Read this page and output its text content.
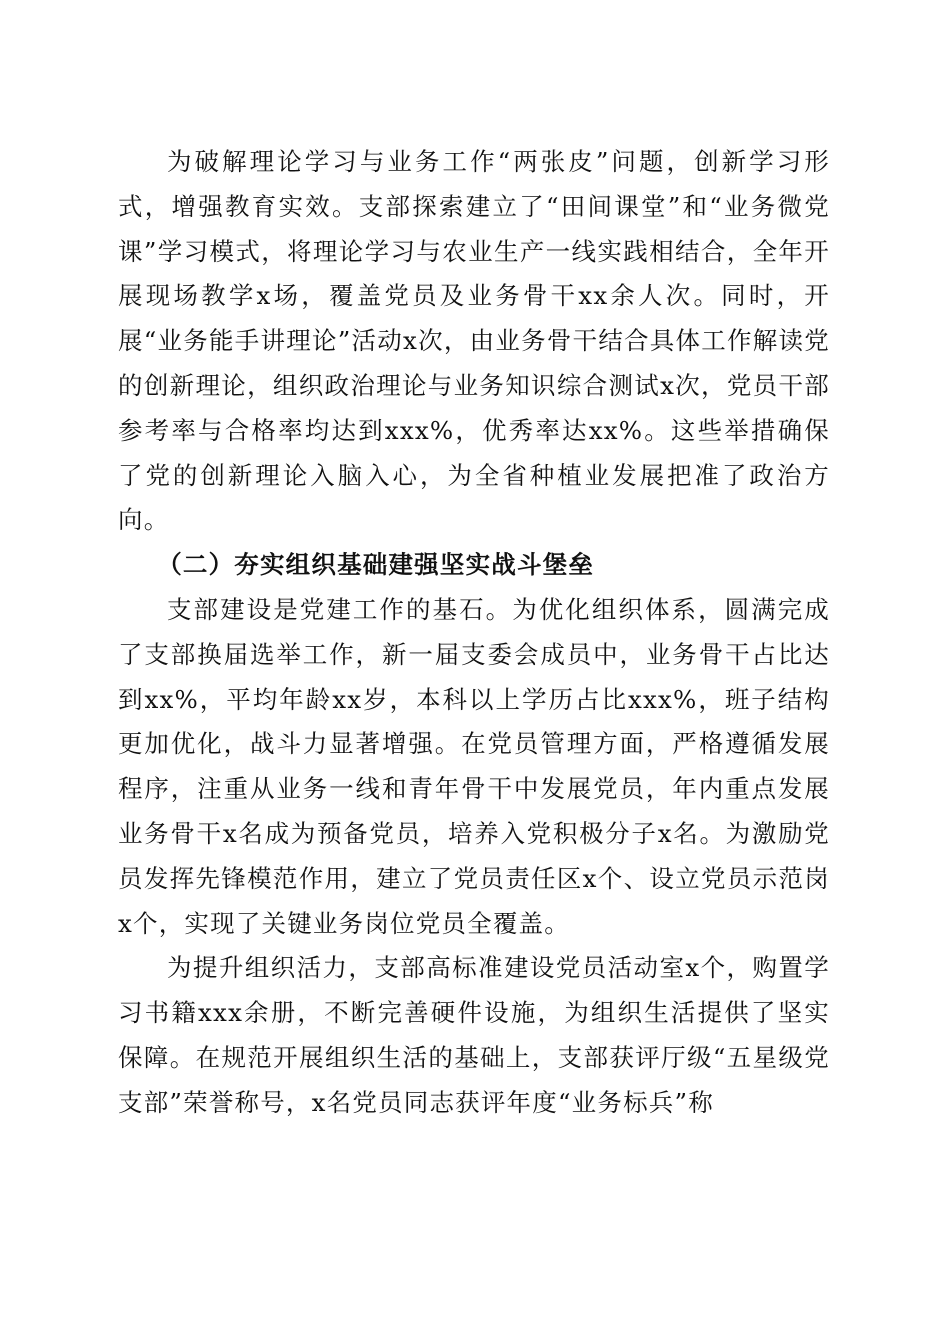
为破解理论学习与业务工作“两张皮”问题，创新学习形式，增强教育实效。支部探索建立了“田间课堂”和“业务微党课”学习模式，将理论学习与农业生产一线实践相结合，全年开展现场教学x场，覆盖党员及业务骨干xx余人次。同时，开展“业务能手讲理论”活动x次，由业务骨干结合具体工作解读党的创新理论，组织政治理论与业务知识综合测试x次，党员干部参考率与合格率均达到xxx%，优秀率达xx%。这些举措确保了党的创新理论入脑入心，为全省种植业发展把准了政治方向。

（二）夯实组织基础建强坚实战斗堡垒

支部建设是党建工作的基石。为优化组织体系，圆满完成了支部换届选举工作，新一届支委会成员中，业务骨干占比达到xx%，平均年龄xx岁，本科以上学历占比xxx%，班子结构更加优化，战斗力显著增强。在党员管理方面，严格遵循发展程序，注重从业务一线和青年骨干中发展党员，年内重点发展业务骨干x名成为预备党员，培养入党积极分子x名。为激励党员发挥先锋模范作用，建立了党员责任区x个、设立党员示范岗x个，实现了关键业务岗位党员全覆盖。

为提升组织活力，支部高标准建设党员活动室x个，购置学习书籍xxx余册，不断完善硬件设施，为组织生活提供了坚实保障。在规范开展组织生活的基础上，支部获评厅级“五星级党支部”荣誉称号，x名党员同志获评年度“业务标兵”称
